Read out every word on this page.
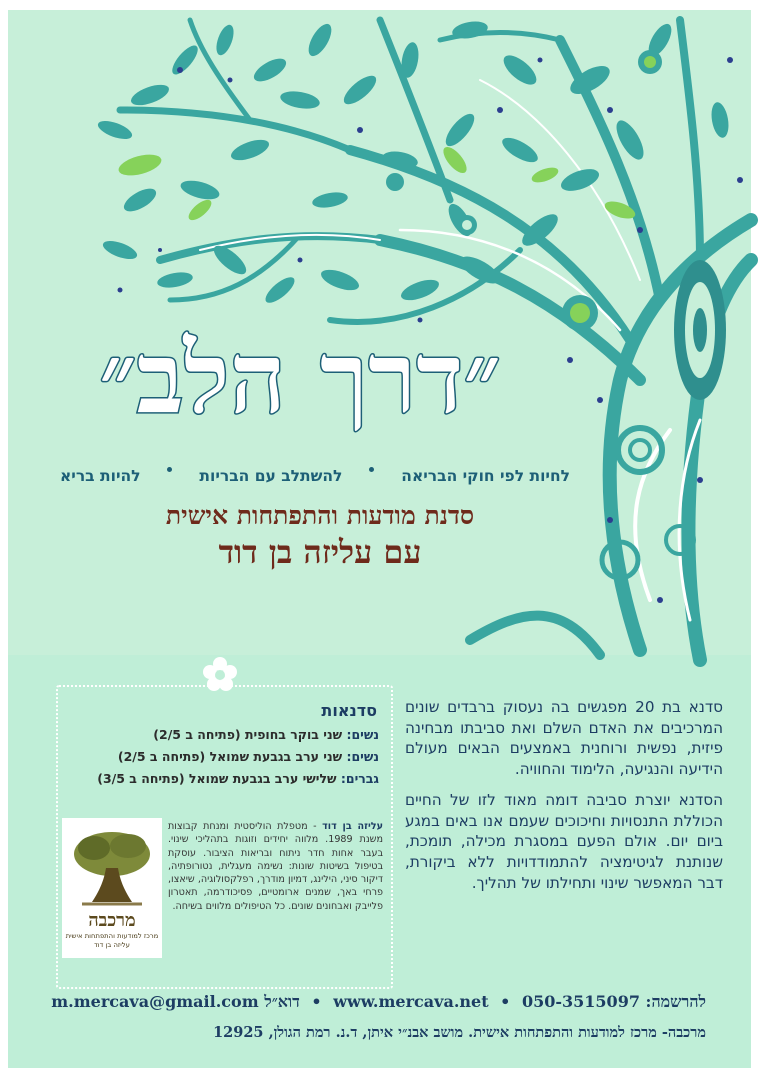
״דרך הלב״
לחיות לפי חוקי הבריאה
להשתלב עם הבריות
להיות בריא
סדנת מודעות והתפתחות אישית
עם עליזה בן דוד
סדנאות
נשים: שני בוקר בחופית (פתיחה ב 2/5)
נשים: שני ערב בגבעת שמואל (פתיחה ב 2/5)
גברים: שלישי ערב בגבעת שמואל (פתיחה ב 3/5)
מרכבה
מרכז למודעות והתפתחות אישית עליזה בן דוד
עליזה בן דוד - מטפלת הוליסטית ומנחת קבוצות משנת 1989. מלווה יחידים וזוגות בתהליכי שינוי. בעבר אחות חדר ניתוח ובריאות הציבור. עוסקת בטיפול בשיטות שונות: נשימה מעגלית, נטורופתיה, דיקור סיני, הילינג, דמיון מודרך, רפלקסולוגיה, שיאצו, פרחי באך, שמנים ארומטיים, פסיכודרמה, תאטרון פלייבק ואבחונים שונים. כל הטיפולים מלווים בשיחה.

סדנא בת 20 מפגשים בה נעסוק ברבדים שונים המרכיבים את האדם השלם ואת סביבתו מבחינה פיזית, נפשית ורוחנית באמצעים הבאים מעולם הידיעה והנגיעה, הלימוד והחוויה.

הסדנא יוצרת סביבה דומה מאוד לזו של החיים הכוללת התנסויות וחיכוכים שעמם אנו באים במגע ביום יום. אולם הפעם במסגרת מכילה, תומכת, שנותנת לגיטימציה להתמודדויות ללא ביקורת, דבר המאפשר שינוי ותחילתו של תהליך.

להרשמה: 050-3515097 • www.mercava.net • דוא״ל m.mercava@gmail.com
מרכבה- מרכז למודעות והתפתחות אישית. מושב אבנ״י איתן, ד.נ. רמת הגולן, 12925
